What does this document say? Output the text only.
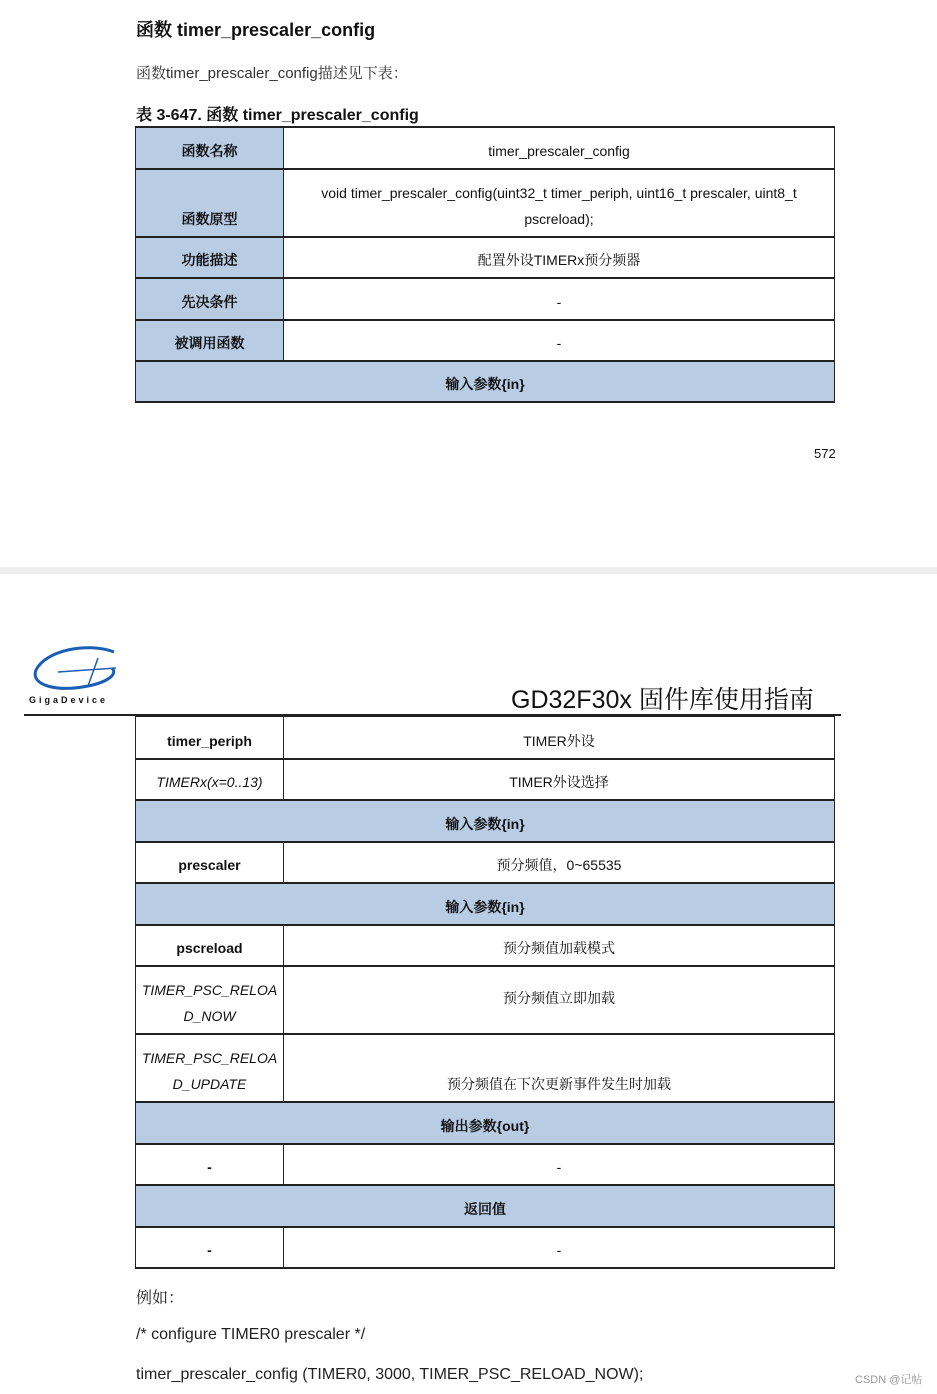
函数 timer_prescaler_config
函数timer_prescaler_config描述见下表：
表 3-647. 函数 timer_prescaler_config
函数名称	timer_prescaler_config
函数原型	void timer_prescaler_config(uint32_t timer_periph, uint16_t prescaler, uint8_t pscreload);
功能描述	配置外设TIMERx预分频器
先决条件	-
被调用函数	-
输入参数{in}	
572
GigaDevice	GD32F30x 固件库使用指南
timer_periph	TIMER外设
TIMERx(x=0..13)	TIMER外设选择
输入参数{in}	
prescaler	预分频值，0~65535
输入参数{in}	
pscreload	预分频值加载模式
TIMER_PSC_RELOAD_NOW	预分频值立即加载
TIMER_PSC_RELOAD_UPDATE	预分频值在下次更新事件发生时加载
输出参数{out}	
-	-
返回值	
-	-
例如：
/* configure TIMER0 prescaler */
timer_prescaler_config (TIMER0, 3000, TIMER_PSC_RELOAD_NOW);	CSDN @记帖
